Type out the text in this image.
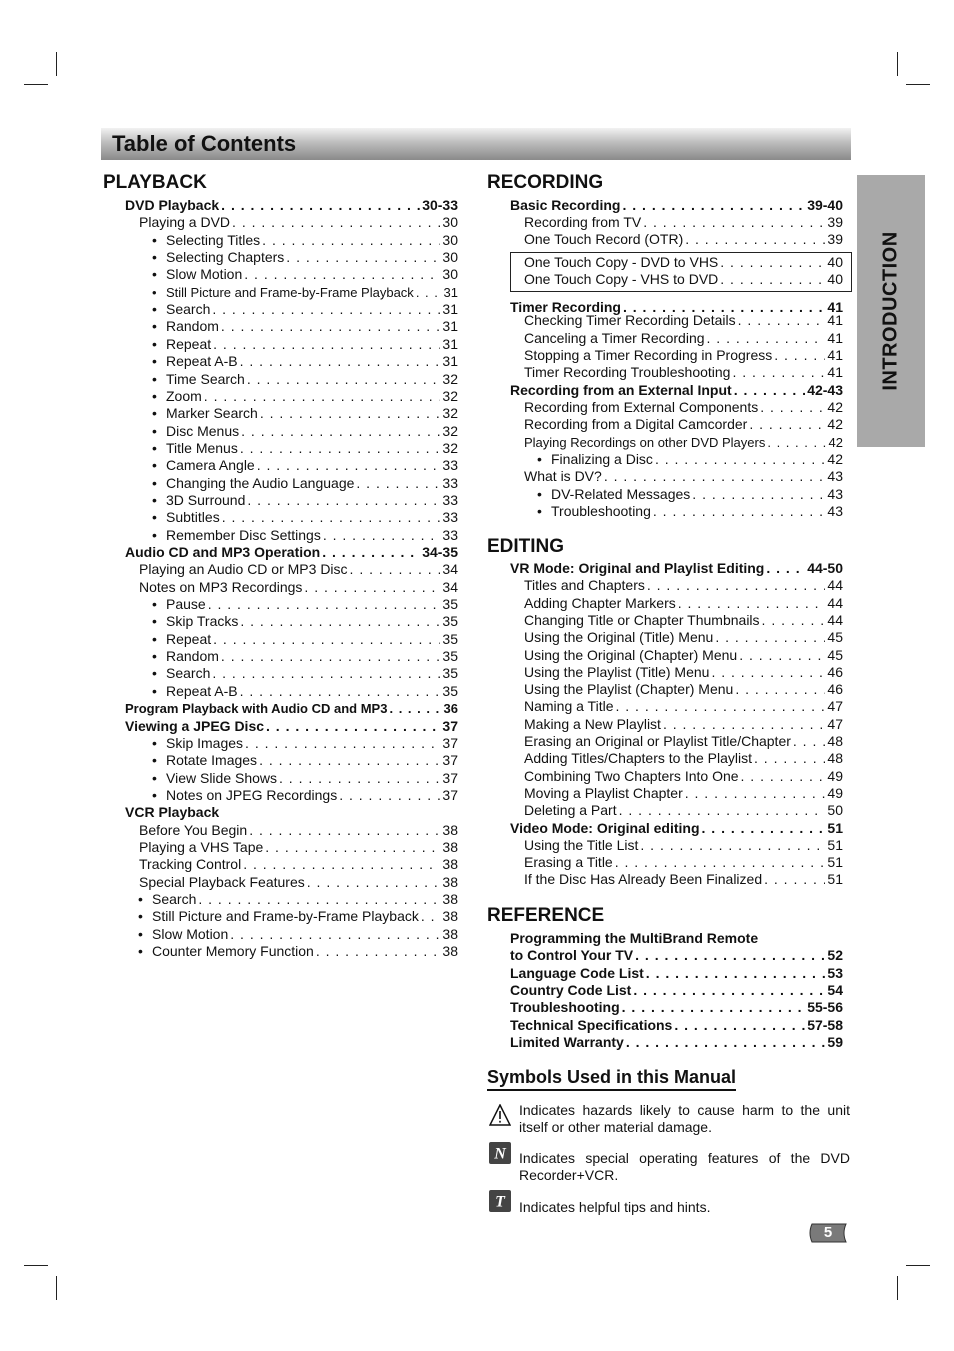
Table of Contents
INTRODUCTION
PLAYBACK
DVD Playback . . .	30-33
Playing a DVD . . .	30
• Selecting Titles . . .	30
• Selecting Chapters . . .	30
• Slow Motion . . .	30
• Still Picture and Frame-by-Frame Playback . . . 31
• Search . . .	31
• Random . . .	31
• Repeat . . .	31
• Repeat A-B . . .	31
• Time Search . . .	32
• Zoom . . .	32
• Marker Search . . .	32
• Disc Menus . . .	32
• Title Menus . . .	32
• Camera Angle . . .	33
• Changing the Audio Language . . .	33
• 3D Surround . . .	33
• Subtitles . . .	33
• Remember Disc Settings . . .	33
Audio CD and MP3 Operation . . .	34-35
Playing an Audio CD or MP3 Disc . . .	34
Notes on MP3 Recordings . . .	34
• Pause . . .	35
• Skip Tracks . . .	35
• Repeat . . .	35
• Random . . .	35
• Search . . .	35
• Repeat A-B . . .	35
Program Playback with Audio CD and MP3 . . .	36
Viewing a JPEG Disc . . .	37
• Skip Images . . .	37
• Rotate Images . . .	37
• View Slide Shows . . .	37
• Notes on JPEG Recordings . . .	37
VCR Playback
Before You Begin . . .	38
Playing a VHS Tape . . .	38
Tracking Control . . .	38
Special Playback Features . . .	38
• Search . . .	38
• Still Picture and Frame-by-Frame Playback . . . 38
• Slow Motion . . .	38
• Counter Memory Function . . .	38
RECORDING
Basic Recording . . .	39-40
Recording from TV . . .	39
One Touch Record (OTR) . . .	39
One Touch Copy - DVD to VHS . . .	40
One Touch Copy - VHS to DVD . . .	40
Timer Recording . . .	41
Checking Timer Recording Details . . .	41
Canceling a Timer Recording . . .	41
Stopping a Timer Recording in Progress . . .	41
Timer Recording Troubleshooting . . .	41
Recording from an External Input . . .	42-43
Recording from External Components . . .	42
Recording from a Digital Camcorder . . .	42
Playing Recordings on other DVD Players . . .	42
• Finalizing a Disc . . .	42
What is DV? . . .	43
• DV-Related Messages . . .	43
• Troubleshooting . . .	43
EDITING
VR Mode: Original and Playlist Editing . . .	44-50
Titles and Chapters . . .	44
Adding Chapter Markers . . .	44
Changing Title or Chapter Thumbnails . . .	44
Using the Original (Title) Menu . . .	45
Using the Original (Chapter) Menu . . .	45
Using the Playlist (Title) Menu . . .	46
Using the Playlist (Chapter) Menu . . .	46
Naming a Title . . .	47
Making a New Playlist . . .	47
Erasing an Original or Playlist Title/Chapter . . .	48
Adding Titles/Chapters to the Playlist . . .	48
Combining Two Chapters Into One . . .	49
Moving a Playlist Chapter . . .	49
Deleting a Part . . .	50
Video Mode: Original editing . . .	51
Using the Title List . . .	51
Erasing a Title . . .	51
If the Disc Has Already Been Finalized . . .	51
REFERENCE
Programming the MultiBrand Remote
to Control Your TV . . .	52
Language Code List . . .	53
Country Code List . . .	54
Troubleshooting . . .	55-56
Technical Specifications . . .	57-58
Limited Warranty . . .	59
Symbols Used in this Manual
Indicates hazards likely to cause harm to the unit itself or other material damage.
N Indicates special operating features of the DVD Recorder+VCR.
T Indicates helpful tips and hints.
5
